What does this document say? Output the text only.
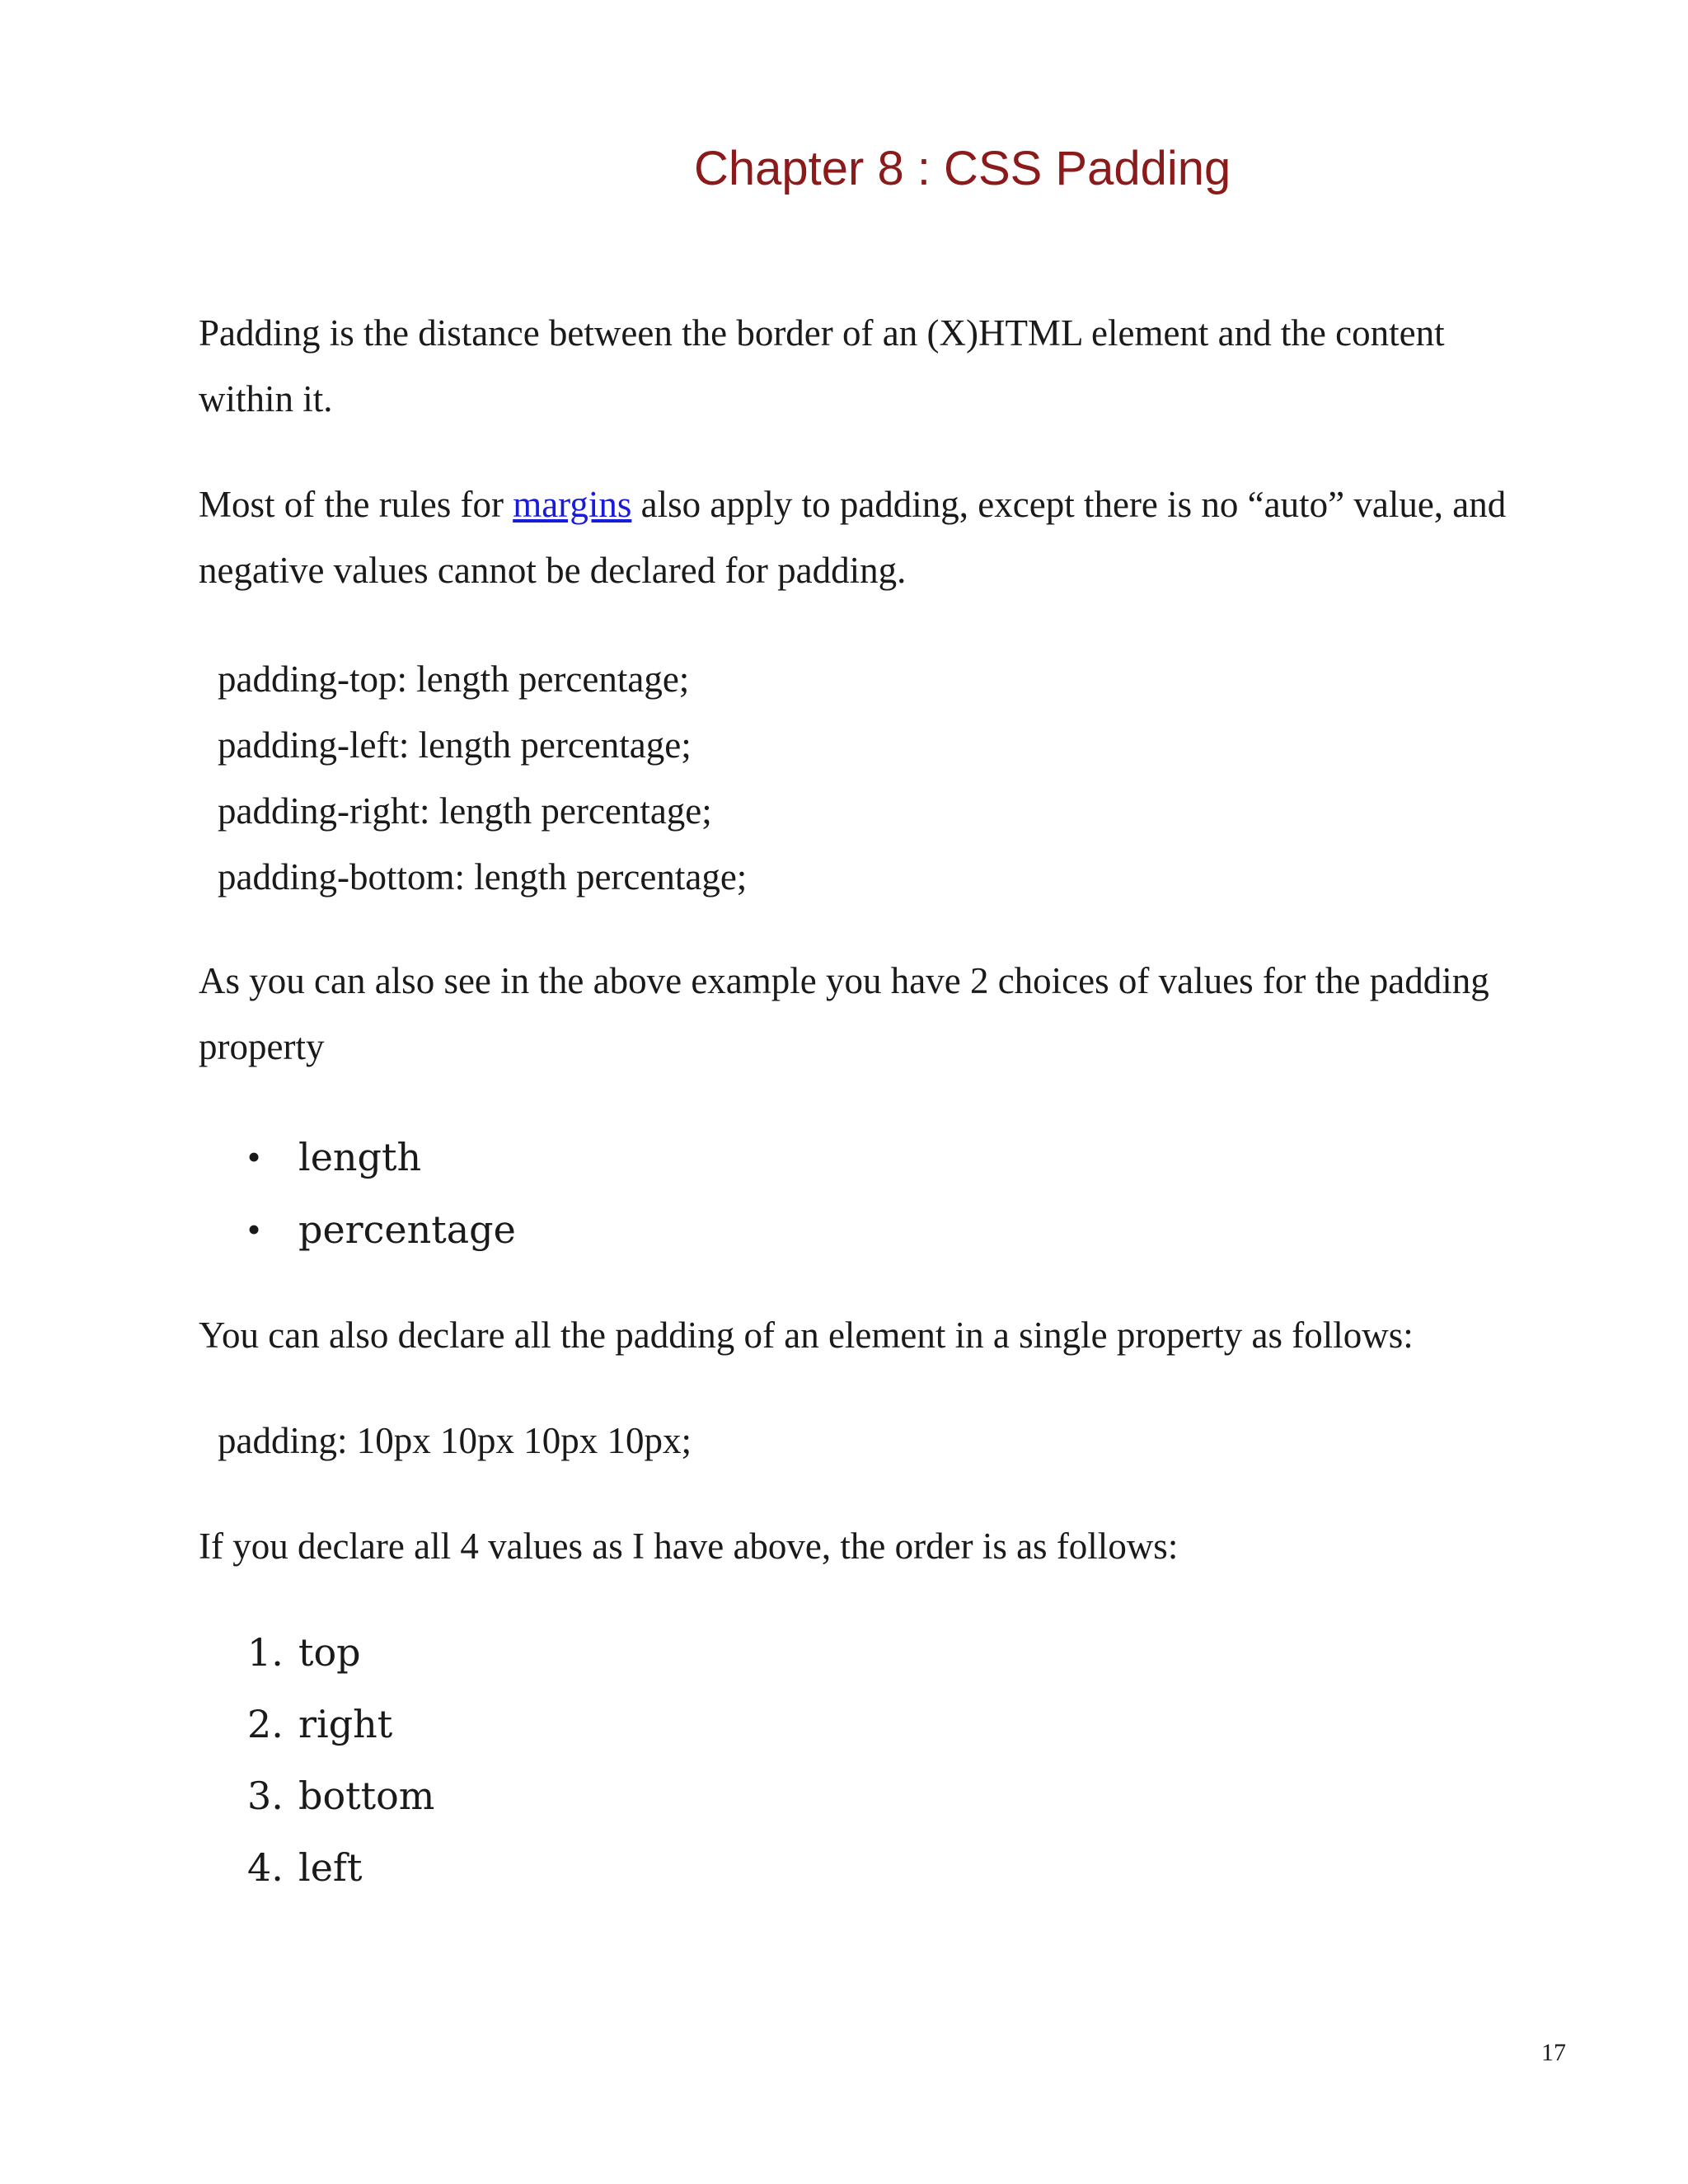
Chapter 8 : CSS Padding

Padding is the distance between the border of an (X)HTML element and the content
within it.

Most of the rules for margins also apply to padding, except there is no “auto” value, and
negative values cannot be declared for padding.

padding-top: length percentage;
padding-left: length percentage;
padding-right: length percentage;
padding-bottom: length percentage;

As you can also see in the above example you have 2 choices of values for the padding
property

• length
• percentage

You can also declare all the padding of an element in a single property as follows:

padding: 10px 10px 10px 10px;

If you declare all 4 values as I have above, the order is as follows:

1. top
2. right
3. bottom
4. left
17
